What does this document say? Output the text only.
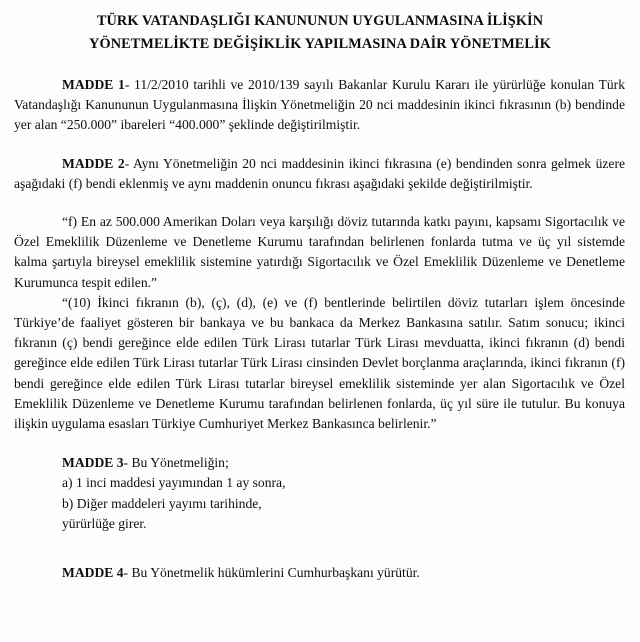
TÜRK VATANDAŞLIĞI KANUNUNUN UYGULANMASINA İLİŞKİN
YÖNETMELİKTE DEĞİŞİKLİK YAPILMASINA DAİR YÖNETMELİK

MADDE 1- 11/2/2010 tarihli ve 2010/139 sayılı Bakanlar Kurulu Kararı ile yürürlüğe konulan Türk Vatandaşlığı Kanununun Uygulanmasına İlişkin Yönetmeliğin 20 nci maddesinin ikinci fıkrasının (b) bendinde yer alan “250.000” ibareleri “400.000” şeklinde değiştirilmiştir.

MADDE 2- Aynı Yönetmeliğin 20 nci maddesinin ikinci fıkrasına (e) bendinden sonra gelmek üzere aşağıdaki (f) bendi eklenmiş ve aynı maddenin onuncu fıkrası aşağıdaki şekilde değiştirilmiştir.

“f) En az 500.000 Amerikan Doları veya karşılığı döviz tutarında katkı payını, kapsamı Sigortacılık ve Özel Emeklilik Düzenleme ve Denetleme Kurumu tarafından belirlenen fonlarda tutma ve üç yıl sistemde kalma şartıyla bireysel emeklilik sistemine yatırdığı Sigortacılık ve Özel Emeklilik Düzenleme ve Denetleme Kurumunca tespit edilen.”

“(10) İkinci fıkranın (b), (ç), (d), (e) ve (f) bentlerinde belirtilen döviz tutarları işlem öncesinde Türkiye’de faaliyet gösteren bir bankaya ve bu bankaca da Merkez Bankasına satılır. Satım sonucu; ikinci fıkranın (ç) bendi gereğince elde edilen Türk Lirası tutarlar Türk Lirası mevduatta, ikinci fıkranın (d) bendi gereğince elde edilen Türk Lirası tutarlar Türk Lirası cinsinden Devlet borçlanma araçlarında, ikinci fıkranın (f) bendi gereğince elde edilen Türk Lirası tutarlar bireysel emeklilik sisteminde yer alan Sigortacılık ve Özel Emeklilik Düzenleme ve Denetleme Kurumu tarafından belirlenen fonlarda, üç yıl süre ile tutulur. Bu konuya ilişkin uygulama esasları Türkiye Cumhuriyet Merkez Bankasınca belirlenir.”

MADDE 3- Bu Yönetmeliğin;

a) 1 inci maddesi yayımından 1 ay sonra,

b) Diğer maddeleri yayımı tarihinde,

yürürlüğe girer.

MADDE 4- Bu Yönetmelik hükümlerini Cumhurbaşkanı yürütür.
